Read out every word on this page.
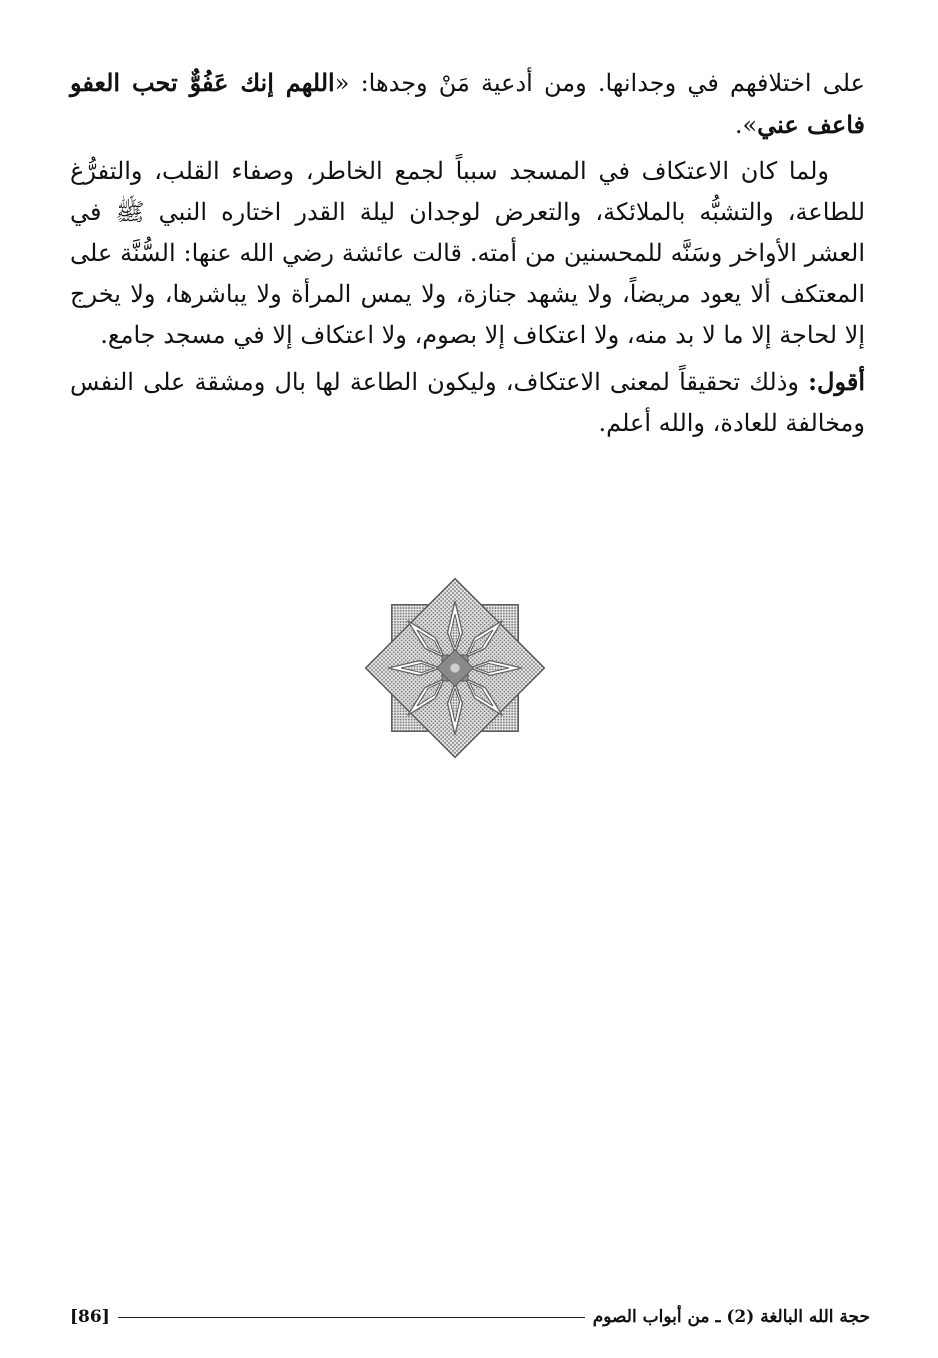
على اختلافهم في وجدانها. ومن أدعية مَنْ وجدها: «اللهم إنك عَفُوٌّ تحب العفو فاعف عني».

ولما كان الاعتكاف في المسجد سبباً لجمع الخاطر، وصفاء القلب، والتفرُّغ للطاعة، والتشبُّه بالملائكة، والتعرض لوجدان ليلة القدر اختاره النبي ﷺ في العشر الأواخر وسَنَّه للمحسنين من أمته. قالت عائشة رضي الله عنها: السُّنَّة على المعتكف ألا يعود مريضاً، ولا يشهد جنازة، ولا يمس المرأة ولا يباشرها، ولا يخرج إلا لحاجة إلا ما لا بد منه، ولا اعتكاف إلا بصوم، ولا اعتكاف إلا في مسجد جامع.

أقول: وذلك تحقيقاً لمعنى الاعتكاف، وليكون الطاعة لها بال ومشقة على النفس ومخالفة للعادة، والله أعلم.

حجة الله البالغة (2) ـ من أبواب الصوم
[86]
